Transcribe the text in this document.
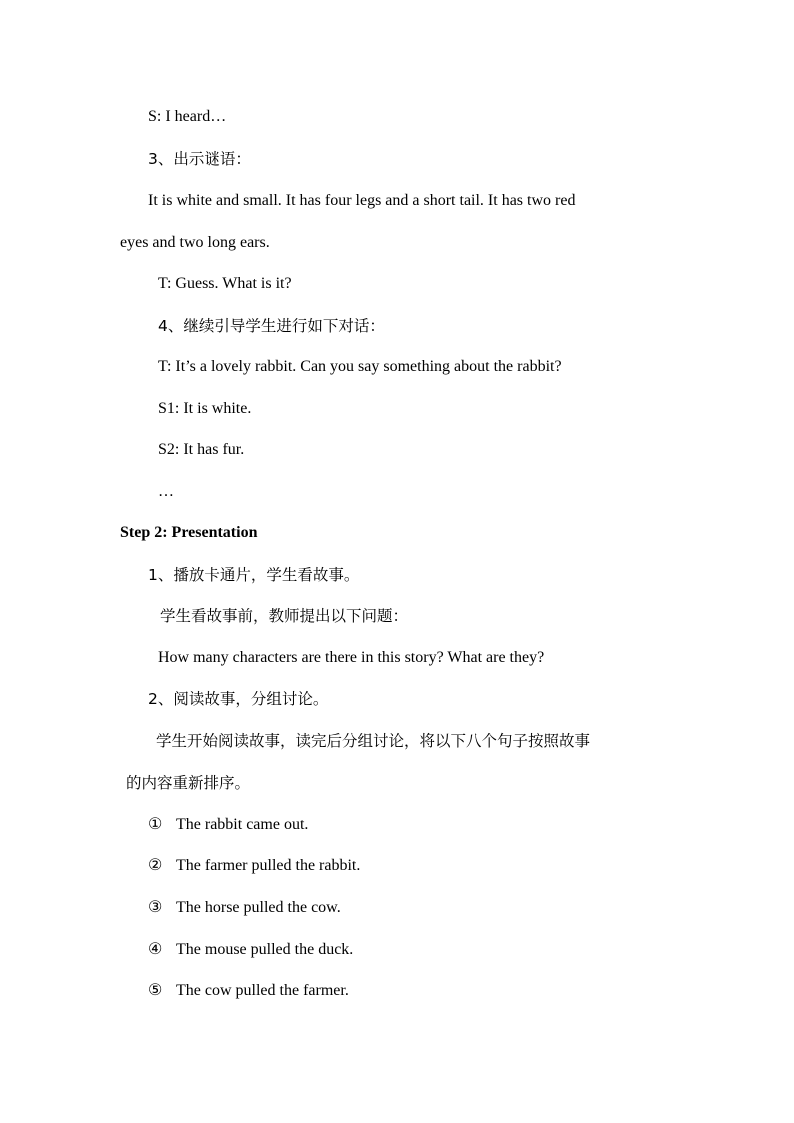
S: I heard…
3、出示谜语：
It is white and small. It has four legs and a short tail. It has two red
eyes and two long ears.
T: Guess. What is it?
4、继续引导学生进行如下对话：
T: It’s a lovely rabbit. Can you say something about the rabbit?
S1: It is white.
S2: It has fur.
…
Step 2: Presentation
1、播放卡通片，学生看故事。
学生看故事前，教师提出以下问题：
How many characters are there in this story? What are they?
2、阅读故事，分组讨论。
学生开始阅读故事，读完后分组讨论，将以下八个句子按照故事
的内容重新排序。
① The rabbit came out.
② The farmer pulled the rabbit.
③ The horse pulled the cow.
④ The mouse pulled the duck.
⑤ The cow pulled the farmer.
